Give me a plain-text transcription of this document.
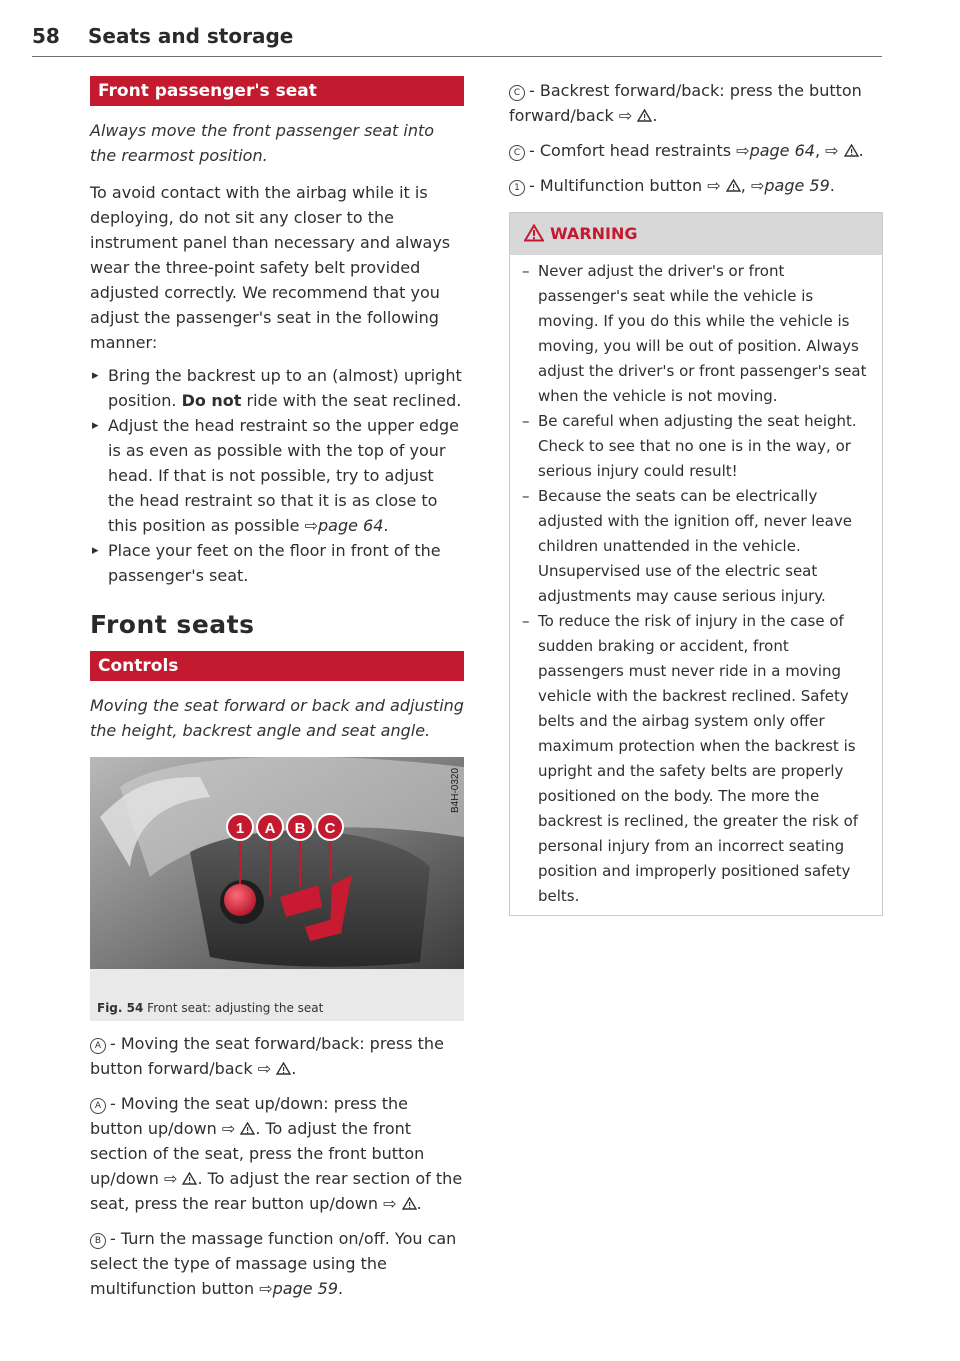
58 Seats and storage
Front passenger's seat

Always move the front passenger seat into the rearmost position.

To avoid contact with the airbag while it is deploying, do not sit any closer to the instrument panel than necessary and always wear the three-point safety belt provided adjusted correctly. We recommend that you adjust the passenger's seat in the following manner:

▸ Bring the backrest up to an (almost) upright position. Do not ride with the seat reclined.
▸ Adjust the head restraint so the upper edge is as even as possible with the top of your head. If that is not possible, try to adjust the head restraint so that it is as close to this position as possible ⇨page 64.
▸ Place your feet on the floor in front of the passenger's seat.
Front seats
Controls

Moving the seat forward or back and adjusting the height, backrest angle and seat angle.

1 A B C
B4H-0320
Fig. 54 Front seat: adjusting the seat

A - Moving the seat forward/back: press the button forward/back ⇨ .

A - Moving the seat up/down: press the button up/down ⇨ . To adjust the front section of the seat, press the front button up/down ⇨ . To adjust the rear section of the seat, press the rear button up/down ⇨ .

B - Turn the massage function on/off. You can select the type of massage using the multifunction button ⇨page 59.

C - Backrest forward/back: press the button forward/back ⇨ .

C - Comfort head restraints ⇨page 64, ⇨ .

1 - Multifunction button ⇨ , ⇨page 59.

WARNING
– Never adjust the driver's or front passenger's seat while the vehicle is moving. If you do this while the vehicle is moving, you will be out of position. Always adjust the driver's or front passenger's seat when the vehicle is not moving.
– Be careful when adjusting the seat height. Check to see that no one is in the way, or serious injury could result!
– Because the seats can be electrically adjusted with the ignition off, never leave children unattended in the vehicle. Unsupervised use of the electric seat adjustments may cause serious injury.
– To reduce the risk of injury in the case of sudden braking or accident, front passengers must never ride in a moving vehicle with the backrest reclined. Safety belts and the airbag system only offer maximum protection when the backrest is upright and the safety belts are properly positioned on the body. The more the backrest is reclined, the greater the risk of personal injury from an incorrect seating position and improperly positioned safety belts.
